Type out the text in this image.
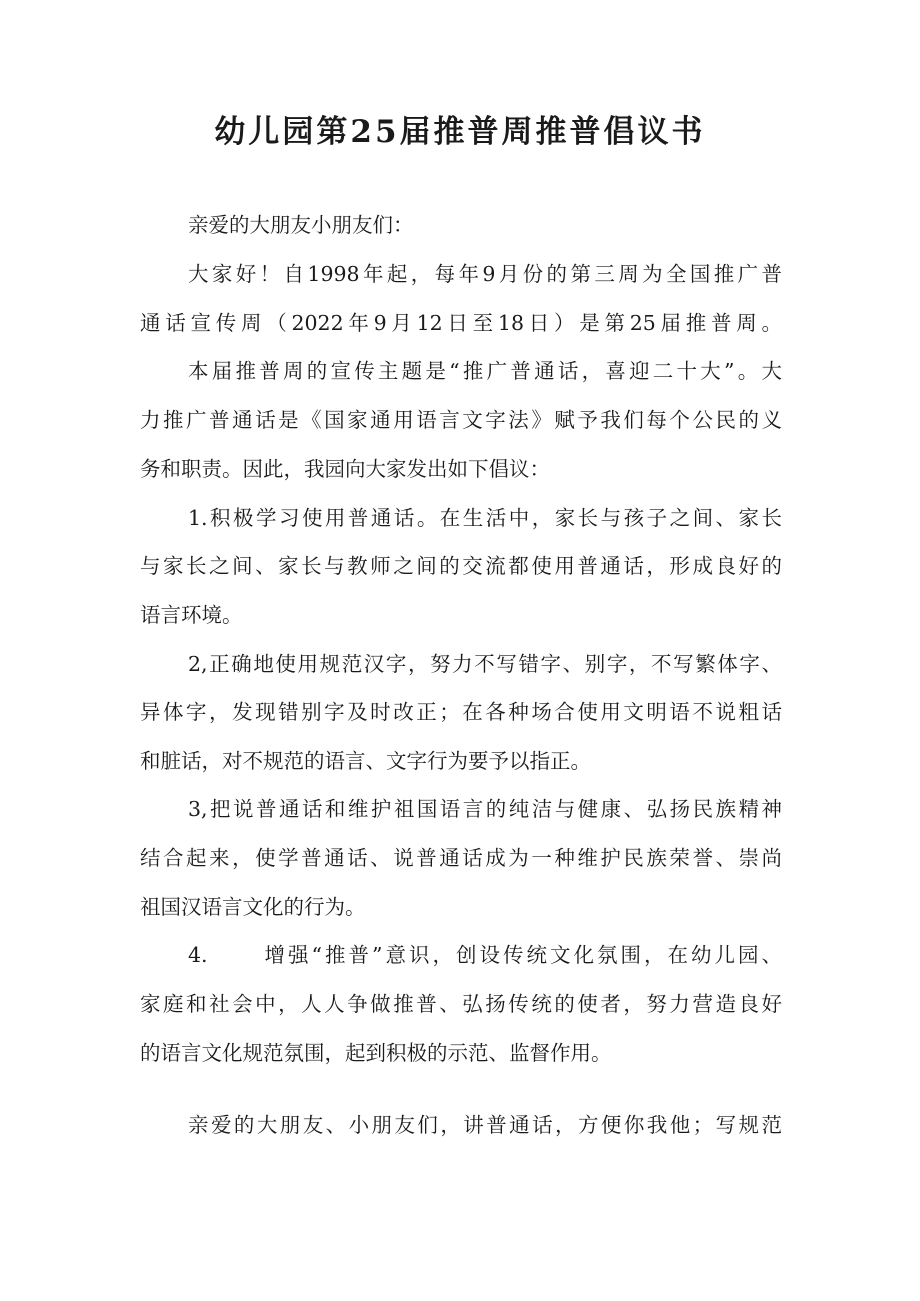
幼儿园第25届推普周推普倡议书

亲爱的大朋友小朋友们：

大家好！自1998年起，每年9月份的第三周为全国推广普

通话宣传周（2022年9月12日至18日）是第25届推普周。

本届推普周的宣传主题是“推广普通话，喜迎二十大”。大

力推广普通话是《国家通用语言文字法》赋予我们每个公民的义

务和职责。因此，我园向大家发出如下倡议：

1.积极学习使用普通话。在生活中，家长与孩子之间、家长

与家长之间、家长与教师之间的交流都使用普通话，形成良好的

语言环境。

2,正确地使用规范汉字，努力不写错字、别字，不写繁体字、

异体字，发现错别字及时改正；在各种场合使用文明语不说粗话

和脏话，对不规范的语言、文字行为要予以指正。

3,把说普通话和维护祖国语言的纯洁与健康、弘扬民族精神

结合起来，使学普通话、说普通话成为一种维护民族荣誉、崇尚

祖国汉语言文化的行为。

4.	增强“推普”意识，创设传统文化氛围，在幼儿园、

家庭和社会中，人人争做推普、弘扬传统的使者，努力营造良好

的语言文化规范氛围，起到积极的示范、监督作用。

亲爱的大朋友、小朋友们，讲普通话，方便你我他；写规范
